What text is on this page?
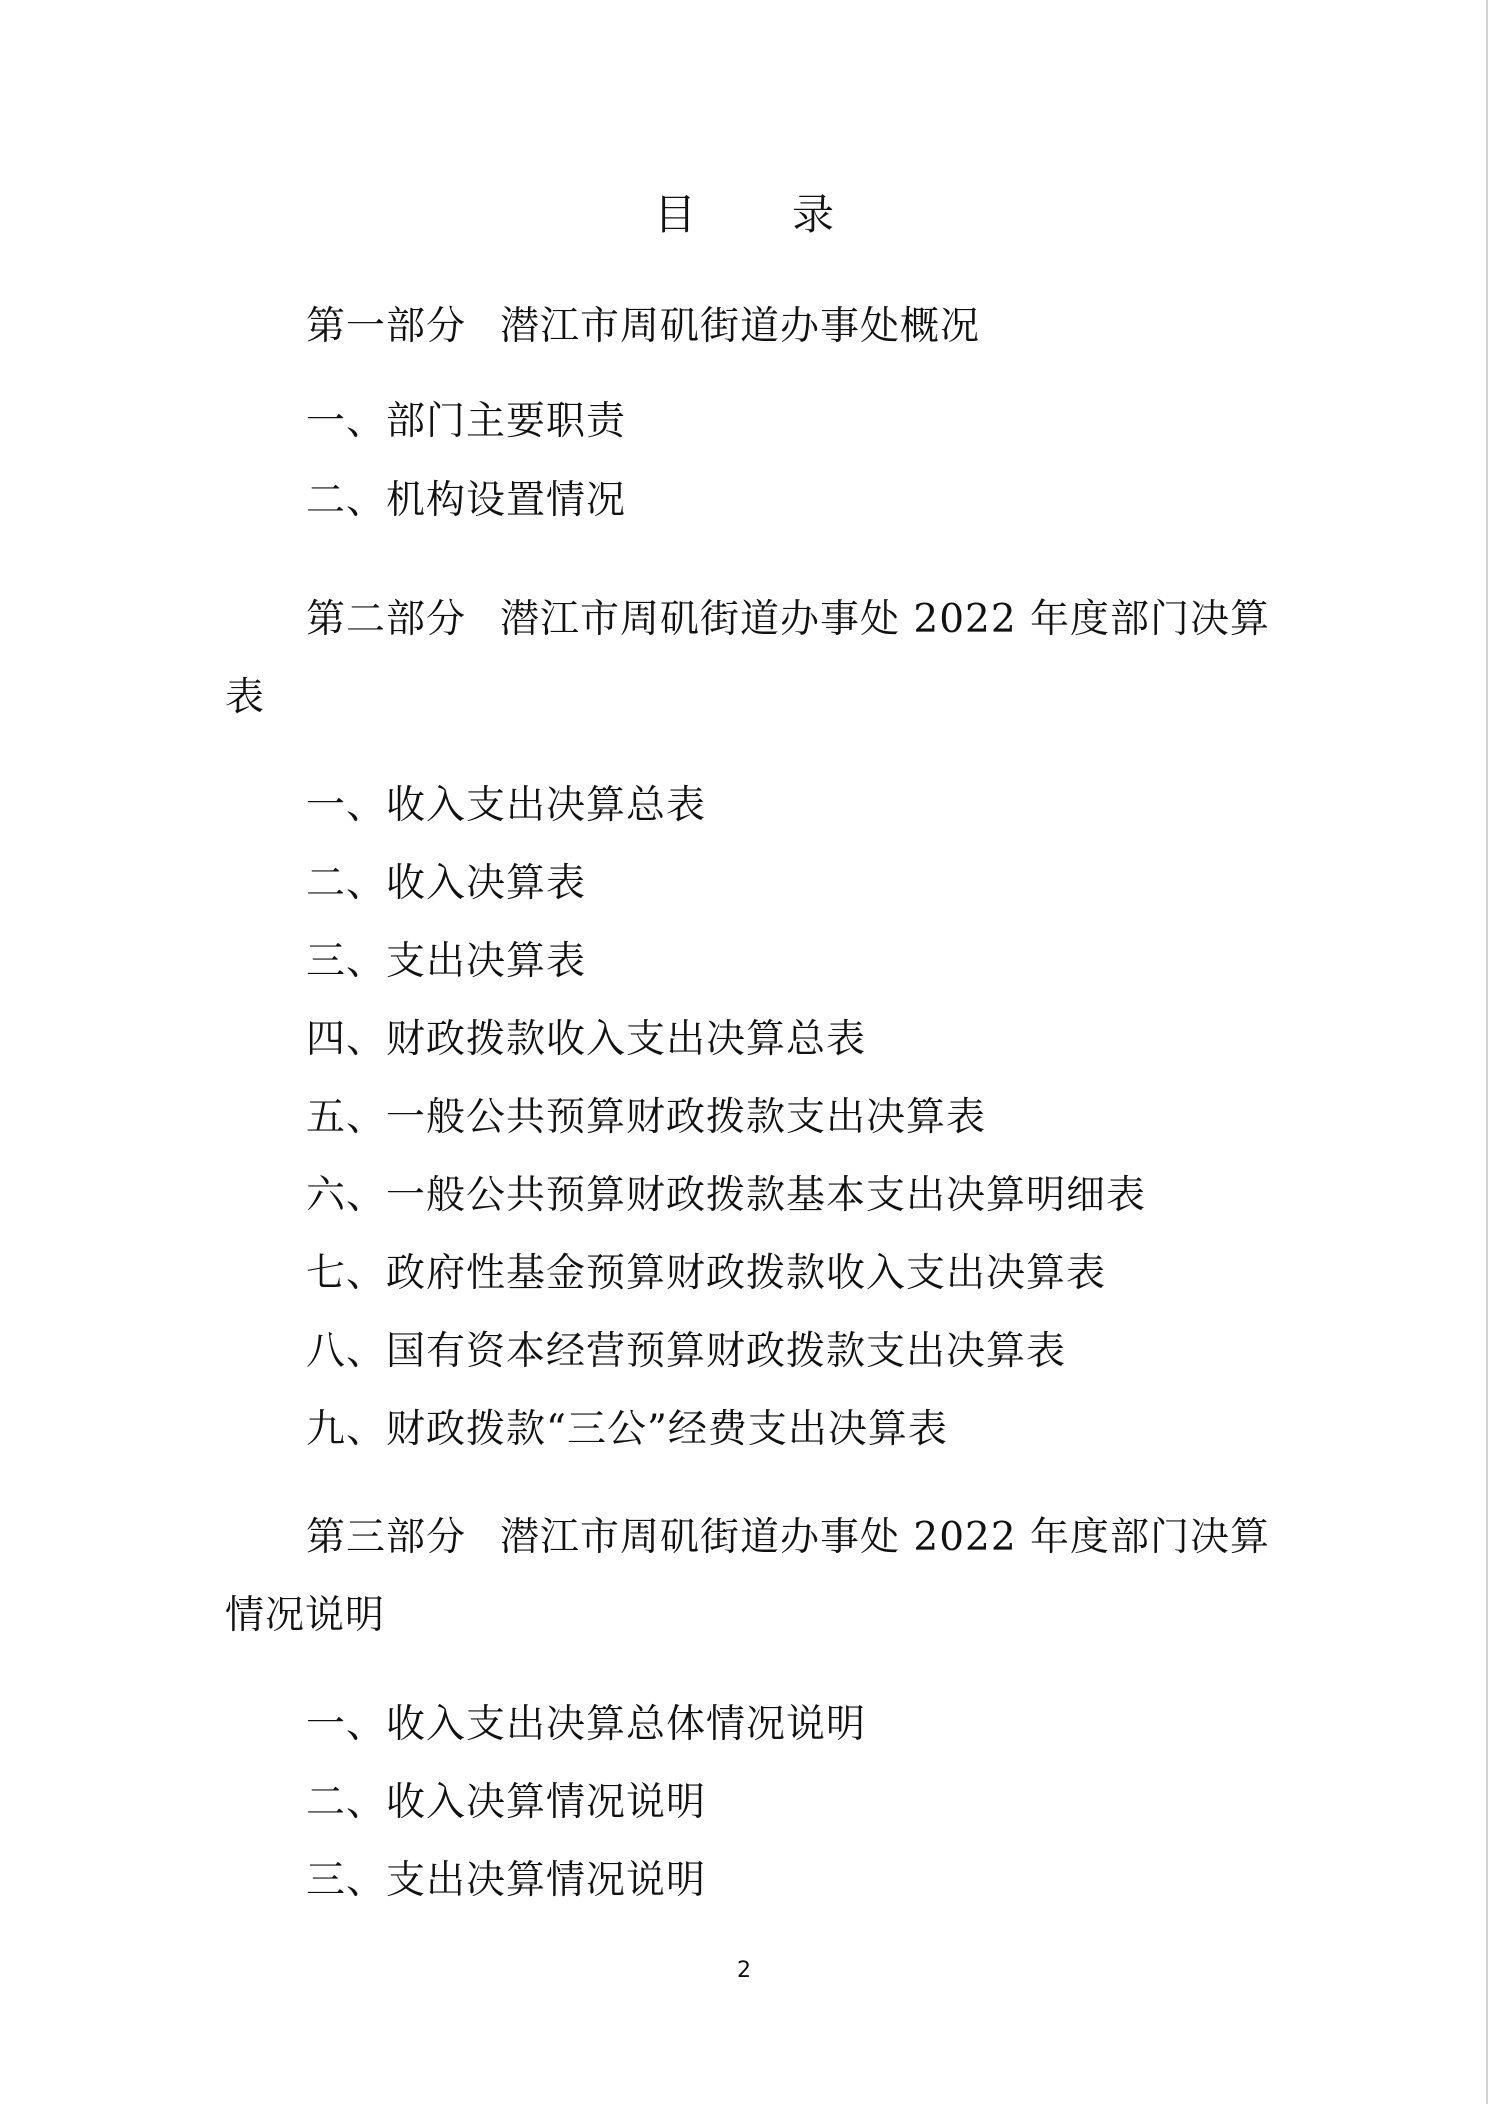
目 录
第一部分 潜江市周矶街道办事处概况
一、部门主要职责
二、机构设置情况
第二部分 潜江市周矶街道办事处 2022 年度部门决算
表
一、收入支出决算总表
二、收入决算表
三、支出决算表
四、财政拨款收入支出决算总表
五、一般公共预算财政拨款支出决算表
六、一般公共预算财政拨款基本支出决算明细表
七、政府性基金预算财政拨款收入支出决算表
八、国有资本经营预算财政拨款支出决算表
九、财政拨款“三公”经费支出决算表
第三部分 潜江市周矶街道办事处 2022 年度部门决算
情况说明
一、收入支出决算总体情况说明
二、收入决算情况说明
三、支出决算情况说明
2
